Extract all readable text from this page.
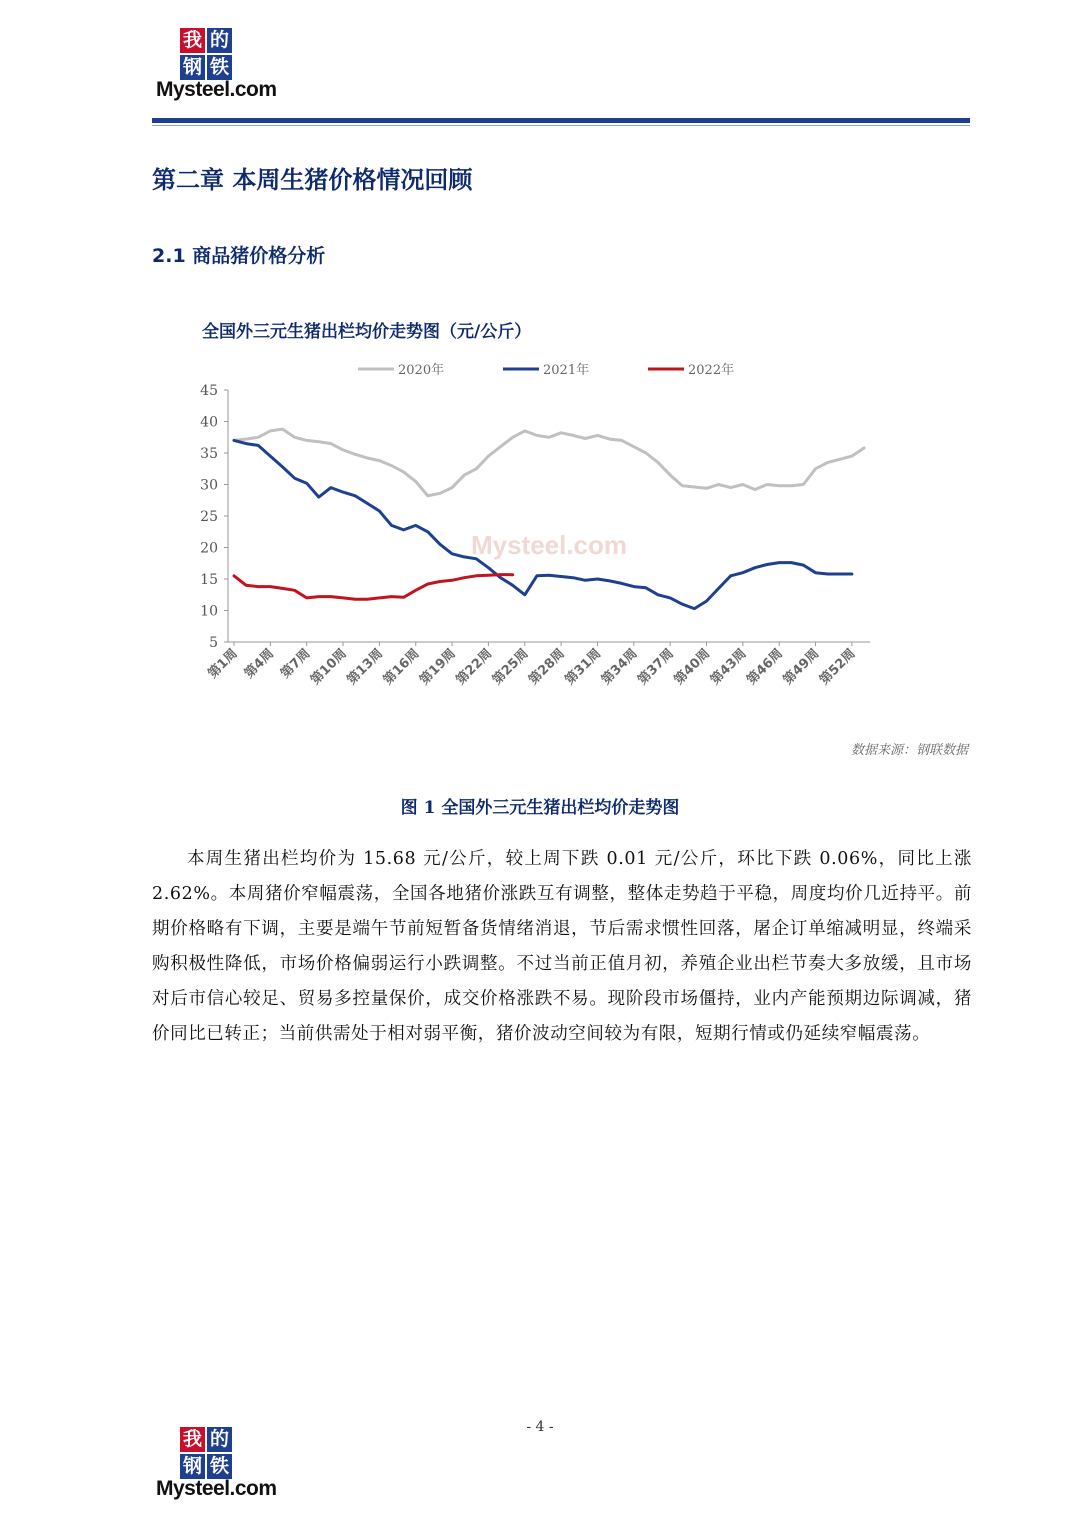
我 的
钢 铁
Mysteel.com
第二章 本周生猪价格情况回顾
2.1 商品猪价格分析
全国外三元生猪出栏均价走势图（元/公斤）
Mysteel.com
5
10
15
20
25
30
35
40
45
第1周 第4周 第7周
第10周
第13周
第16周
第19周
第22周
第25周
第28周
第31周
第34周
第37周
第40周
第43周
第46周
第49周
第52周
2020年	2021年	2022年
数据来源：钢联数据
图 1 全国外三元生猪出栏均价走势图
本周生猪出栏均价为 15.68 元/公斤，较上周下跌 0.01 元/公斤，环比下跌 0.06%，同比上涨 2.62%。本周猪价窄幅震荡，全国各地猪价涨跌互有调整，整体走势趋于平稳，周度均价几近持平。前期价格略有下调，主要是端午节前短暂备货情绪消退，节后需求惯性回落，屠企订单缩减明显，终端采购积极性降低，市场价格偏弱运行小跌调整。不过当前正值月初，养殖企业出栏节奏大多放缓，且市场对后市信心较足、贸易多控量保价，成交价格涨跌不易。现阶段市场僵持，业内产能预期边际调减，猪价同比已转正；当前供需处于相对弱平衡，猪价波动空间较为有限，短期行情或仍延续窄幅震荡。
- 4 -
我 的
钢 铁
Mysteel.com
